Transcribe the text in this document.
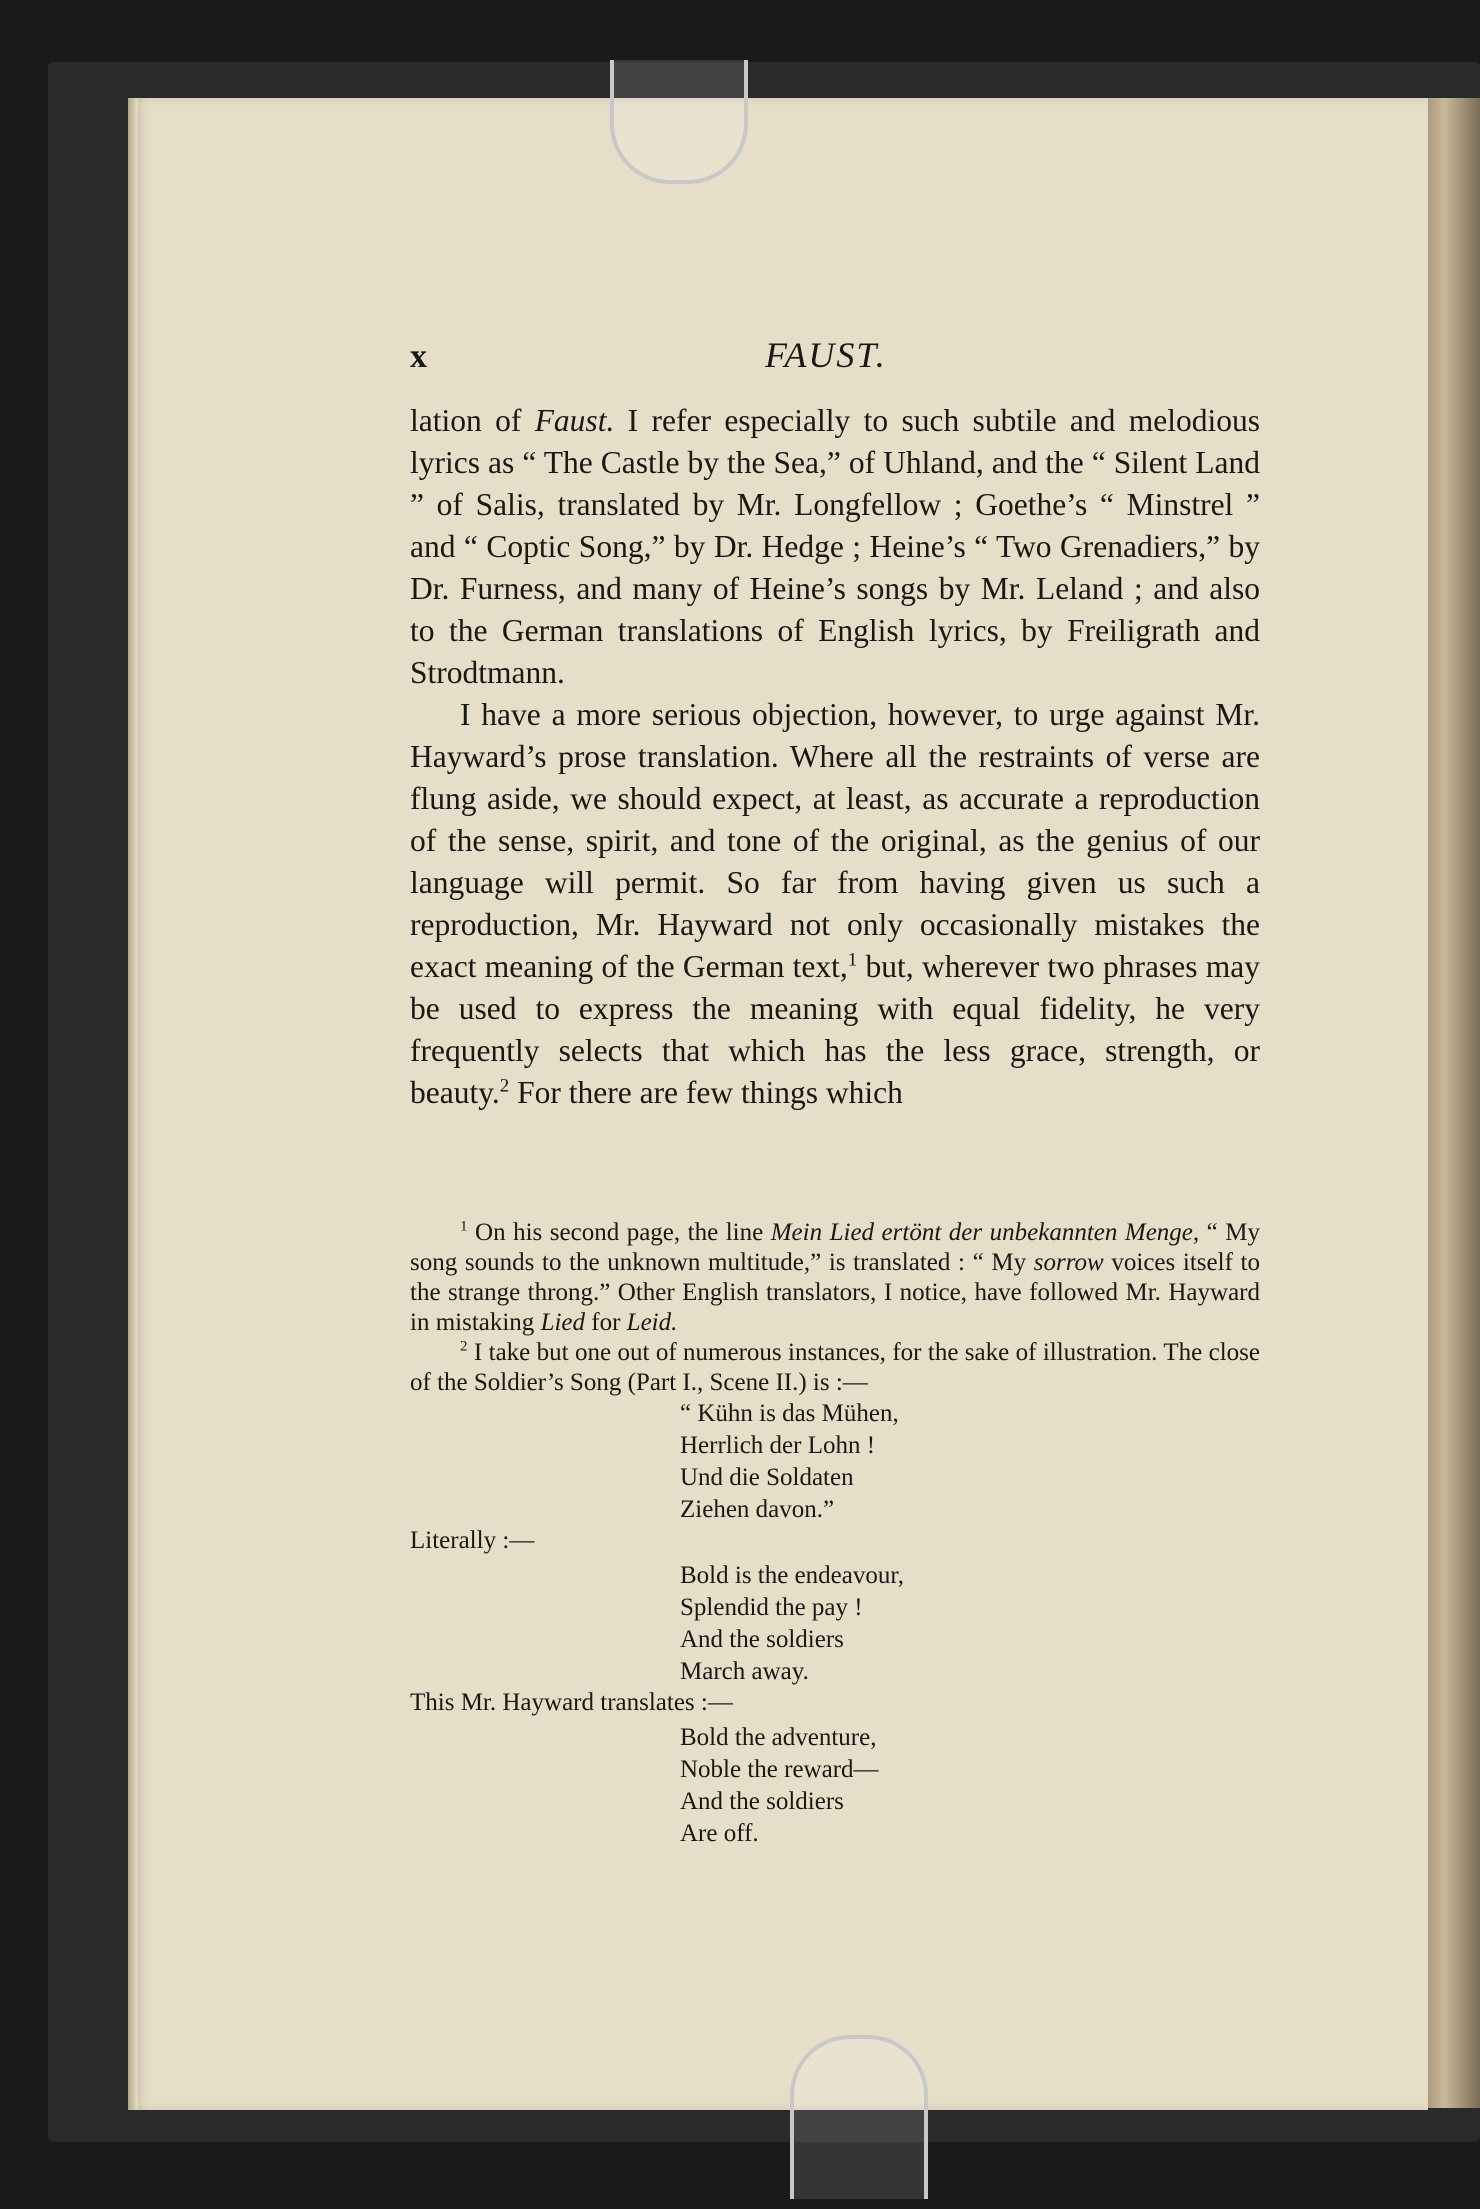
x	FAUST.

lation of Faust. I refer especially to such subtile and melodious lyrics as “ The Castle by the Sea,” of Uhland, and the “ Silent Land ” of Salis, translated by Mr. Longfellow ; Goethe’s “ Minstrel ” and “ Coptic Song,” by Dr. Hedge ; Heine’s “ Two Grenadiers,” by Dr. Furness, and many of Heine’s songs by Mr. Leland ; and also to the German translations of English lyrics, by Freiligrath and Strodtmann.

I have a more serious objection, however, to urge against Mr. Hayward’s prose translation. Where all the restraints of verse are flung aside, we should expect, at least, as accurate a reproduction of the sense, spirit, and tone of the original, as the genius of our language will permit. So far from having given us such a reproduction, Mr. Hayward not only occasionally mistakes the exact meaning of the German text,$^1$ but, wherever two phrases may be used to express the meaning with equal fidelity, he very frequently selects that which has the less grace, strength, or beauty.$^2$ For there are few things which

$^1$ On his second page, the line Mein Lied ertönt der unbekannten Menge, “ My song sounds to the unknown multitude,” is translated : “ My sorrow voices itself to the strange throng.” Other English translators, I notice, have followed Mr. Hayward in mistaking Lied for Leid.

$^2$ I take but one out of numerous instances, for the sake of illustration. The close of the Soldier’s Song (Part I., Scene II.) is :—

“ Kühn is das Mühen,
Herrlich der Lohn !
Und die Soldaten
Ziehen davon.”
Literally :—
Bold is the endeavour,
Splendid the pay !
And the soldiers
March away.
This Mr. Hayward translates :—
Bold the adventure,
Noble the reward—
And the soldiers
Are off.
